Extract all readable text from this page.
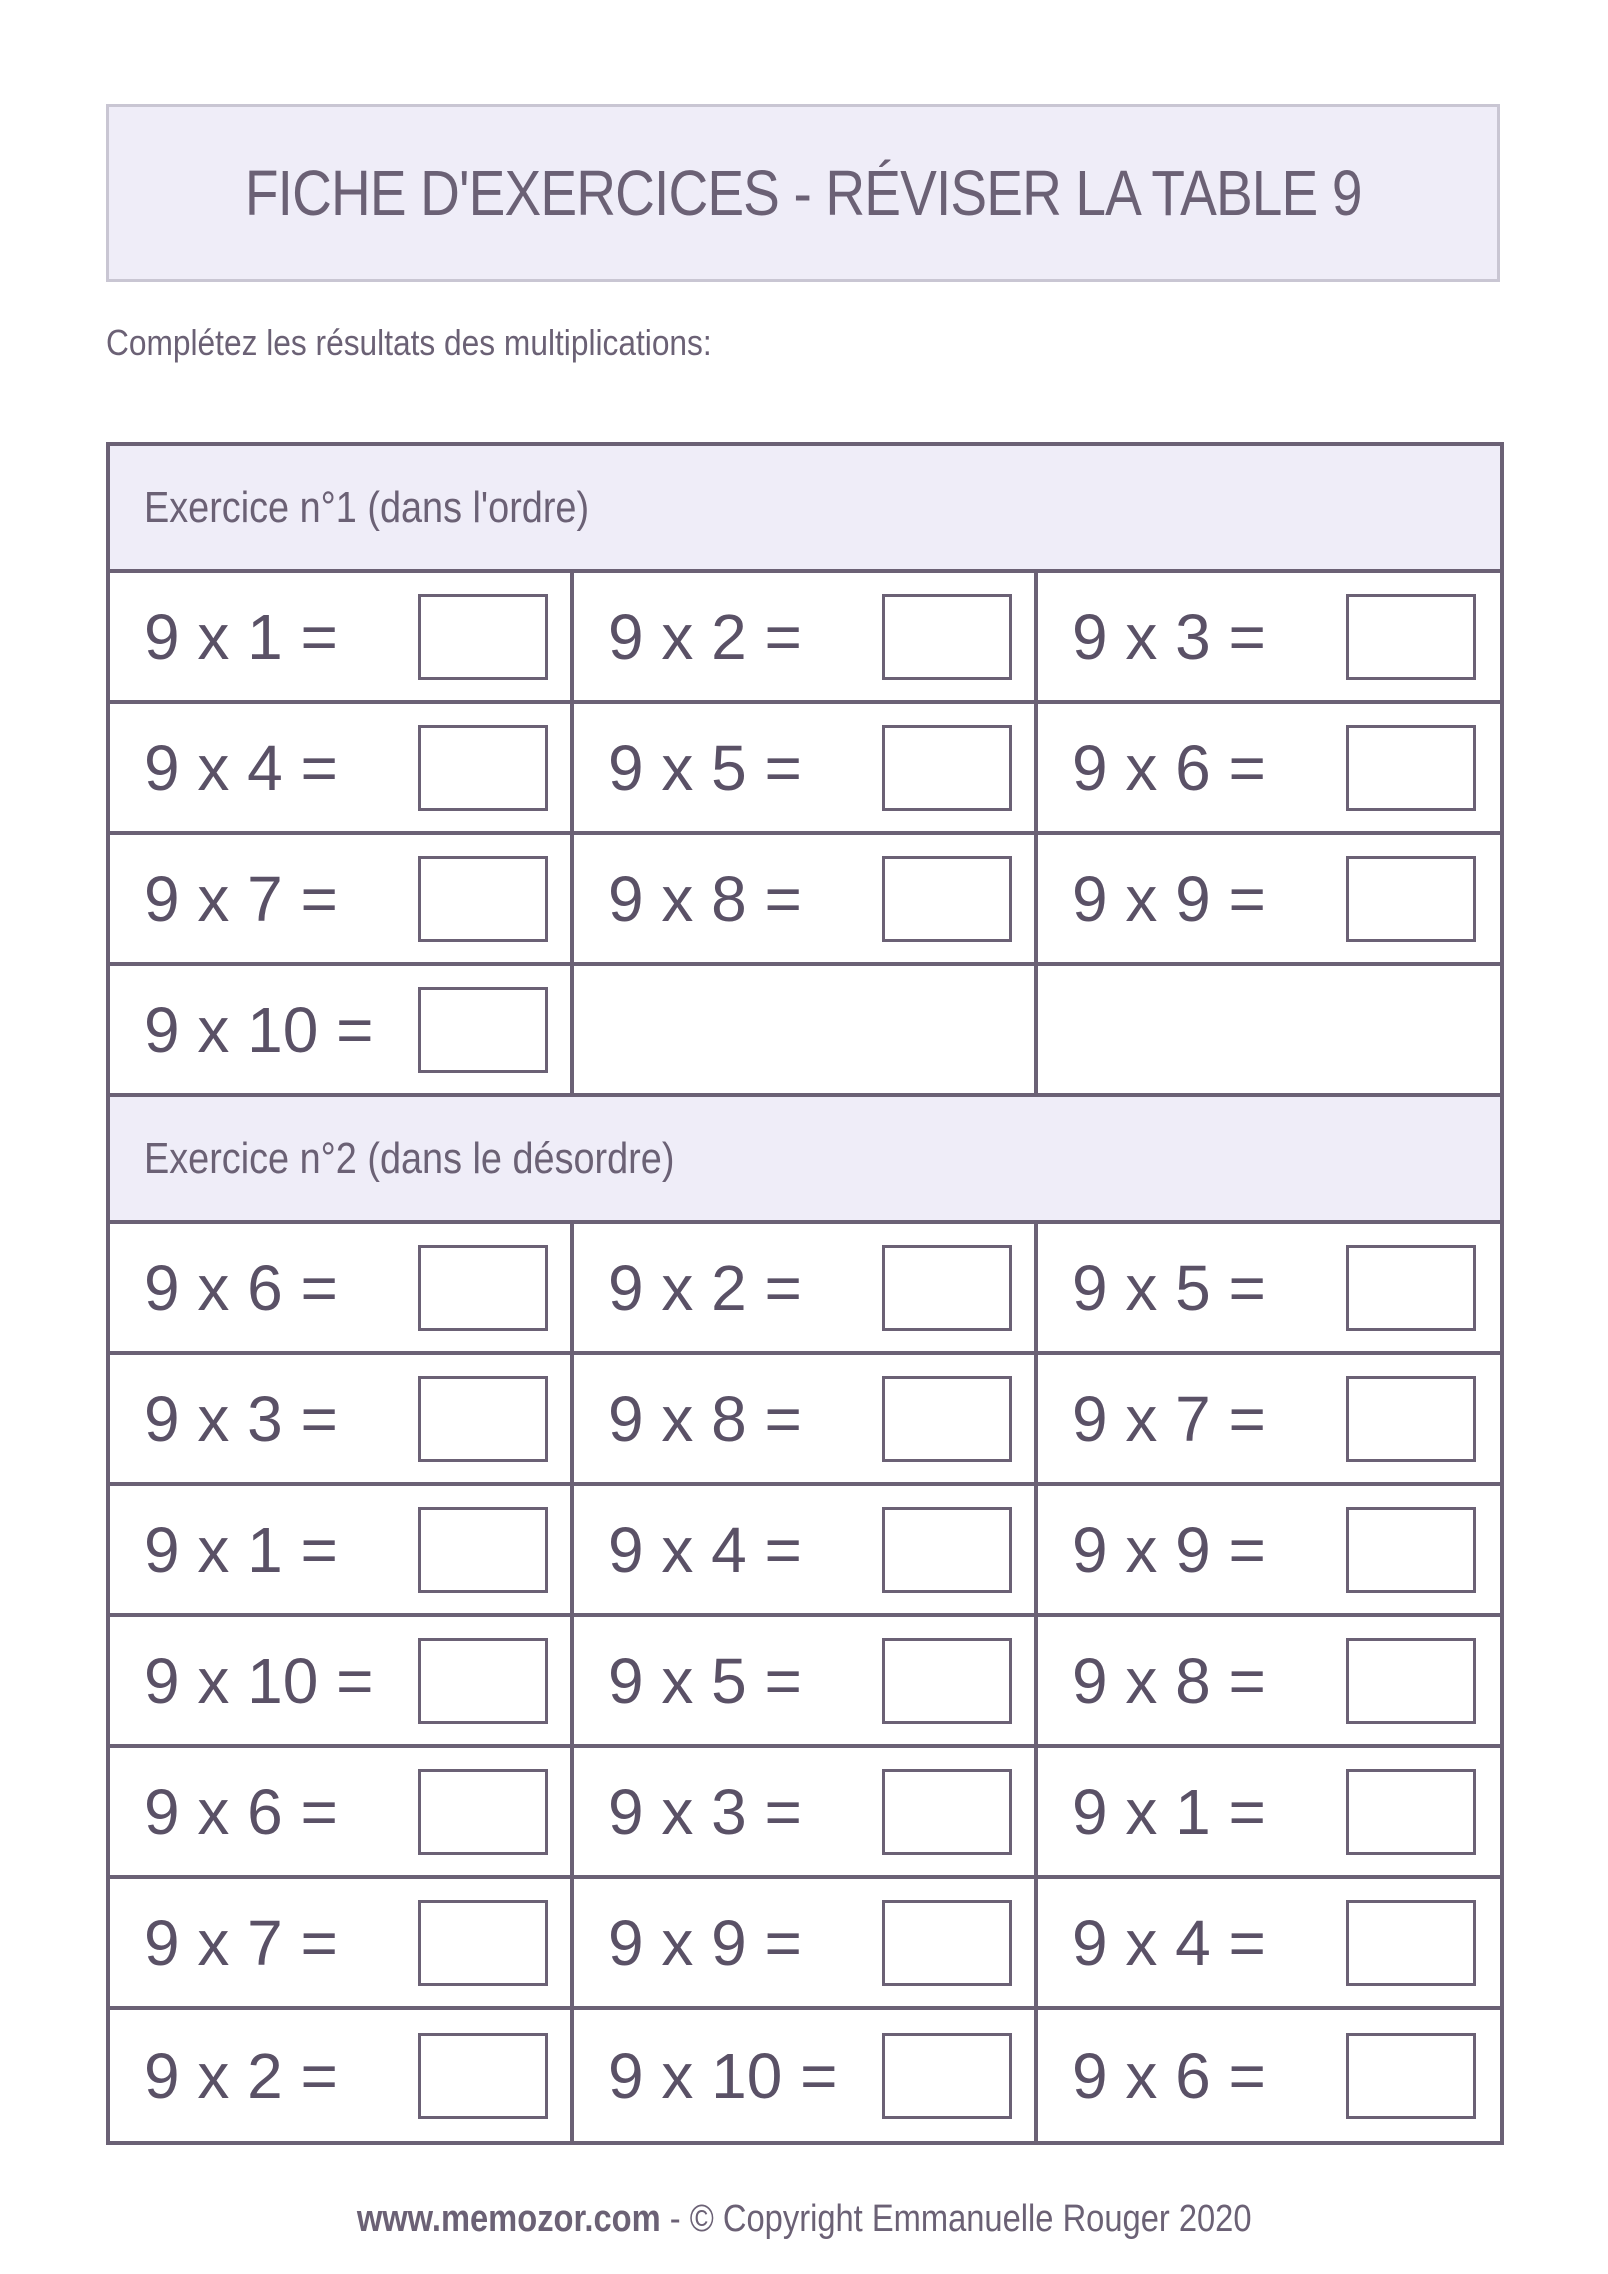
FICHE D'EXERCICES - RÉVISER LA TABLE 9
Complétez les résultats des multiplications:
Exercice n°1 (dans l'ordre)
9 x 1 =	9 x 2 =	9 x 3 =
9 x 4 =	9 x 5 =	9 x 6 =
9 x 7 =	9 x 8 =	9 x 9 =
9 x 10 =
Exercice n°2 (dans le désordre)
9 x 6 =	9 x 2 =	9 x 5 =
9 x 3 =	9 x 8 =	9 x 7 =
9 x 1 =	9 x 4 =	9 x 9 =
9 x 10 =	9 x 5 =	9 x 8 =
9 x 6 =	9 x 3 =	9 x 1 =
9 x 7 =	9 x 9 =	9 x 4 =
9 x 2 =	9 x 10 =	9 x 6 =
www.memozor.com - © Copyright Emmanuelle Rouger 2020
